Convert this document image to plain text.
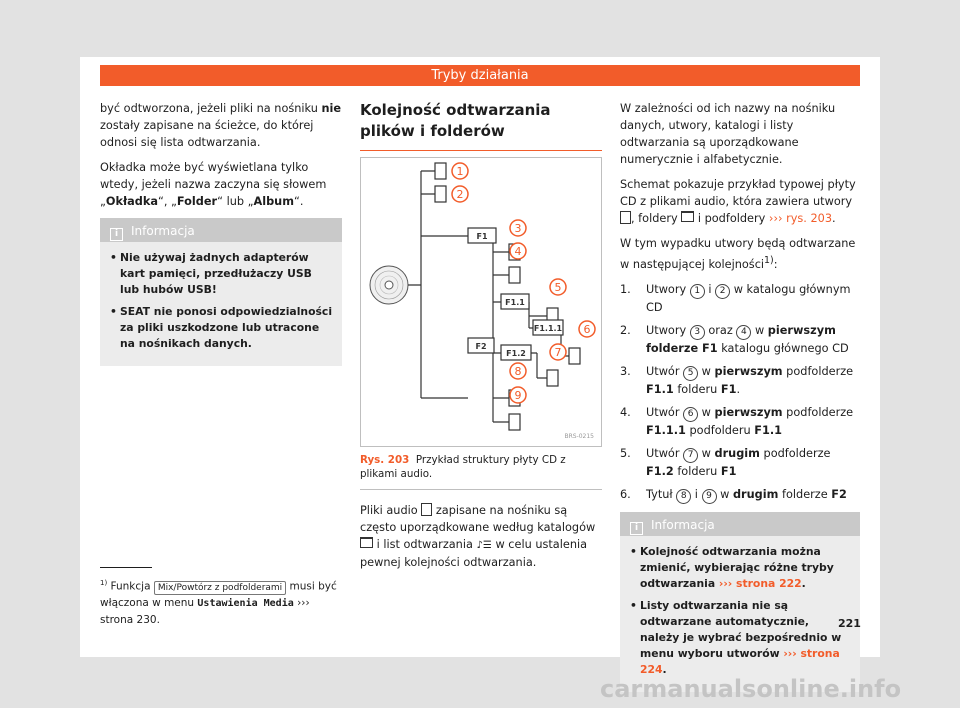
Tryby działania

być odtworzona, jeżeli pliki na nośniku nie zostały zapisane na ścieżce, do której odnosi się lista odtwarzania.

Okładka może być wyświetlana tylko wtedy, jeżeli nazwa zaczyna się słowem „Okładka“, „Folder“ lub „Album“.

i Informacja
• Nie używaj żadnych adapterów kart pamięci, przedłużaczy USB lub hubów USB!
• SEAT nie ponosi odpowiedzialności za pliki uszkodzone lub utracone na nośnikach danych.
Kolejność odtwarzania plików i folderów
F1
F1.1
F1.1.1
F1.2
F2
1
2
3
4
5
6
7
8
9
BRS-0215
Rys. 203 Przykład struktury płyty CD z plikami audio.

Pliki audio  zapisane na nośniku są często uporządkowane według katalogów  i list odtwarzania ♪☰ w celu ustalenia pewnej kolejności odtwarzania.

W zależności od ich nazwy na nośniku danych, utwory, katalogi i listy odtwarzania są uporządkowane numerycznie i alfabetycznie.

Schemat pokazuje przykład typowej płyty CD z plikami audio, która zawiera utwory , foldery  i podfoldery ››› rys. 203.

W tym wypadku utwory będą odtwarzane w następującej kolejności$^{1)}$:

1. Utwory 1 i 2 w katalogu głównym CD
2. Utwory 3 oraz 4 w pierwszym folderze F1 katalogu głównego CD
3. Utwór 5 w pierwszym podfolderze F1.1 folderu F1.
4. Utwór 6 w pierwszym podfolderze F1.1.1 podfolderu F1.1
5. Utwór 7 w drugim podfolderze F1.2 folderu F1
6. Tytuł 8 i 9 w drugim folderze F2
i Informacja
• Kolejność odtwarzania można zmienić, wybierając różne tryby odtwarzania ››› strona 222.
• Listy odtwarzania nie są odtwarzane automatycznie, należy je wybrać bezpośrednio w menu wyboru utworów ››› strona 224.
$^{1)}$ Funkcja Mix/Powtórz z podfolderami musi być włączona w menu Ustawienia Media ››› strona 230.	221
carmanualsonline.info
